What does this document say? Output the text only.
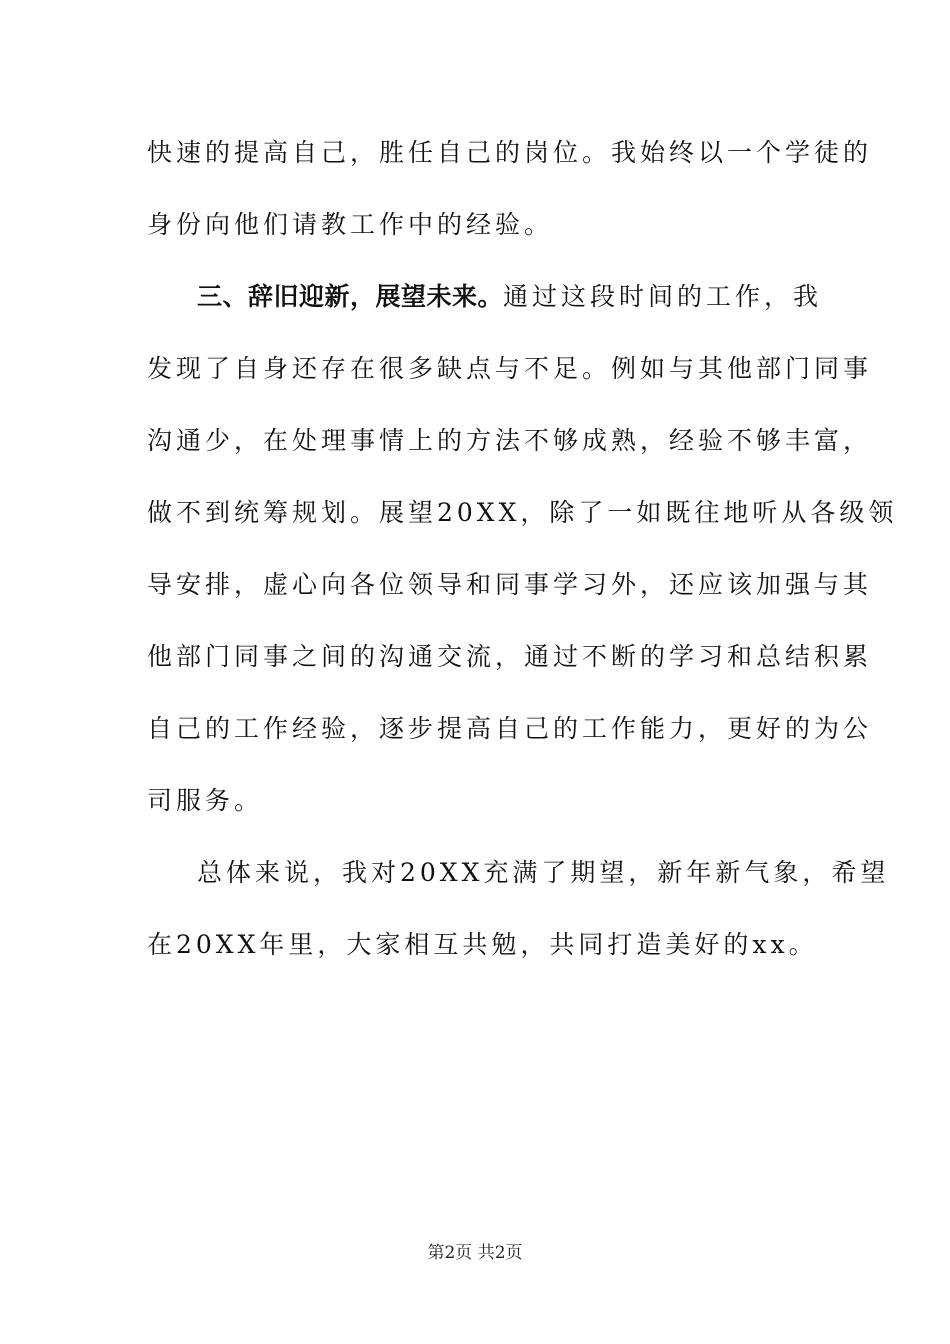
快速的提高自己，胜任自己的岗位。我始终以一个学徒的
身份向他们请教工作中的经验。
三、辞旧迎新，展望未来。通过这段时间的工作，我
发现了自身还存在很多缺点与不足。例如与其他部门同事
沟通少，在处理事情上的方法不够成熟，经验不够丰富，
做不到统筹规划。展望20XX，除了一如既往地听从各级领
导安排，虚心向各位领导和同事学习外，还应该加强与其
他部门同事之间的沟通交流，通过不断的学习和总结积累
自己的工作经验，逐步提高自己的工作能力，更好的为公
司服务。
总体来说，我对20XX充满了期望，新年新气象，希望
在20XX年里，大家相互共勉，共同打造美好的xx。
第2页 共2页
